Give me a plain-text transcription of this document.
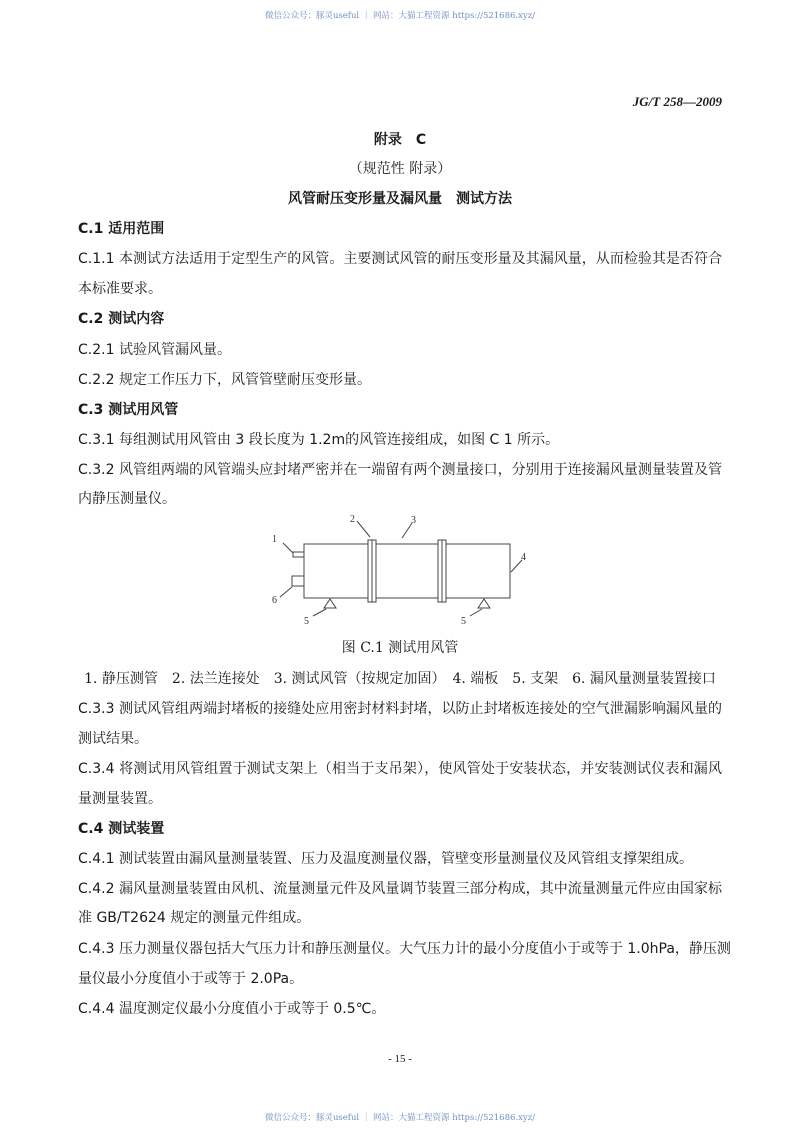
微信公众号：豚灵useful ｜ 网站：大猫工程资源 https://521686.xyz/
JG/T 258—2009
附录　C
（规范性 附录）
风管耐压变形量及漏风量　测试方法
C.1 适用范围
C.1.1 本测试方法适用于定型生产的风管。主要测试风管的耐压变形量及其漏风量，从而检验其是否符合
本标准要求。
C.2 测试内容
C.2.1 试验风管漏风量。
C.2.2 规定工作压力下，风管管壁耐压变形量。
C.3 测试用风管
C.3.1 每组测试用风管由 3 段长度为 1.2m的风管连接组成，如图 C 1 所示。
C.3.2 风管组两端的风管端头应封堵严密并在一端留有两个测量接口，分别用于连接漏风量测量装置及管
内静压测量仪。
1
2	3
4
5
6
5
图 C.1 测试用风管
1. 静压测管　2. 法兰连接处　3. 测试风管（按规定加固）　4. 端板　5. 支架　6. 漏风量测量装置接口
C.3.3 测试风管组两端封堵板的接缝处应用密封材料封堵，以防止封堵板连接处的空气泄漏影响漏风量的
测试结果。
C.3.4 将测试用风管组置于测试支架上（相当于支吊架），使风管处于安装状态，并安装测试仪表和漏风
量测量装置。
C.4 测试装置
C.4.1 测试装置由漏风量测量装置、压力及温度测量仪器，管壁变形量测量仪及风管组支撑架组成。
C.4.2 漏风量测量装置由风机、流量测量元件及风量调节装置三部分构成，其中流量测量元件应由国家标
准 GB/T2624 规定的测量元件组成。
C.4.3 压力测量仪器包括大气压力计和静压测量仪。大气压力计的最小分度值小于或等于 1.0hPa，静压测
量仪最小分度值小于或等于 2.0Pa。
C.4.4 温度测定仪最小分度值小于或等于 0.5℃。
- 15 -
微信公众号：豚灵useful ｜ 网站：大猫工程资源 https://521686.xyz/
